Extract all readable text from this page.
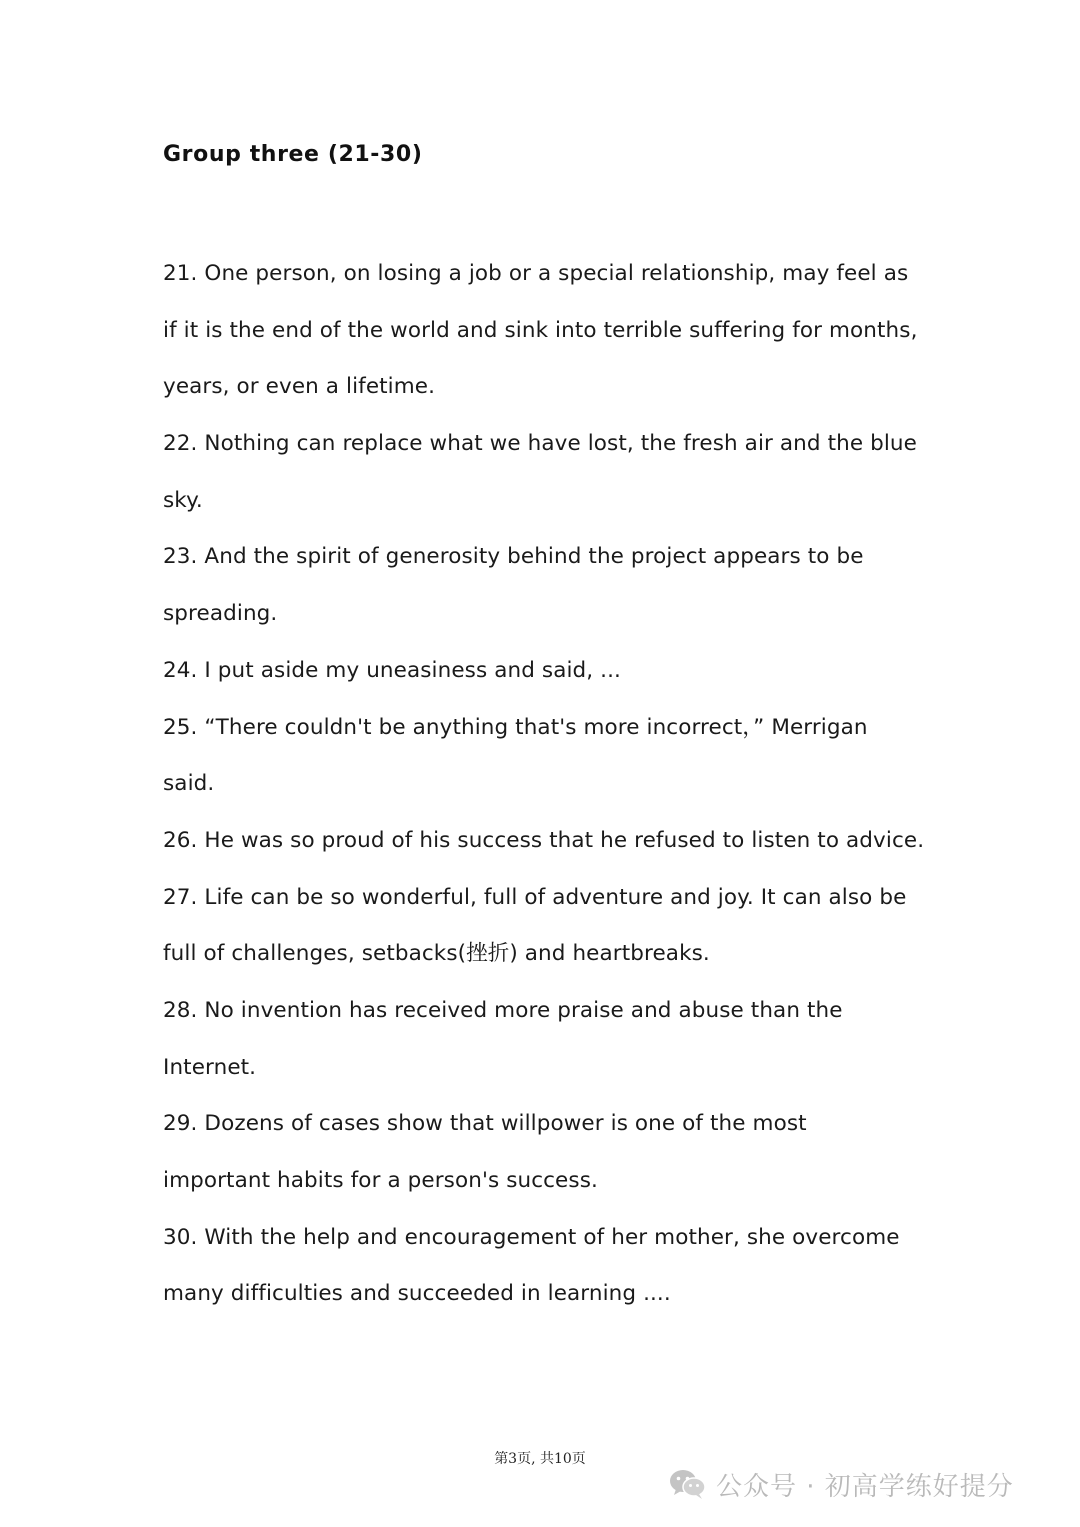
Group three (21-30)
21. One person, on losing a job or a special relationship, may feel as
if it is the end of the world and sink into terrible suffering for months,
years, or even a lifetime.
22. Nothing can replace what we have lost, the fresh air and the blue
sky.
23. And the spirit of generosity behind the project appears to be
spreading.
24. I put aside my uneasiness and said, ...
25. “There couldn't be anything that's more incorrect，” Merrigan
said.
26. He was so proud of his success that he refused to listen to advice.
27. Life can be so wonderful, full of adventure and joy. It can also be
full of challenges, setbacks(挫折) and heartbreaks.
28. No invention has received more praise and abuse than the
Internet.
29. Dozens of cases show that willpower is one of the most
important habits for a person's success.
30. With the help and encouragement of her mother, she overcome
many difficulties and succeeded in learning ....
第3页, 共10页
公众号 · 初高学练好提分
